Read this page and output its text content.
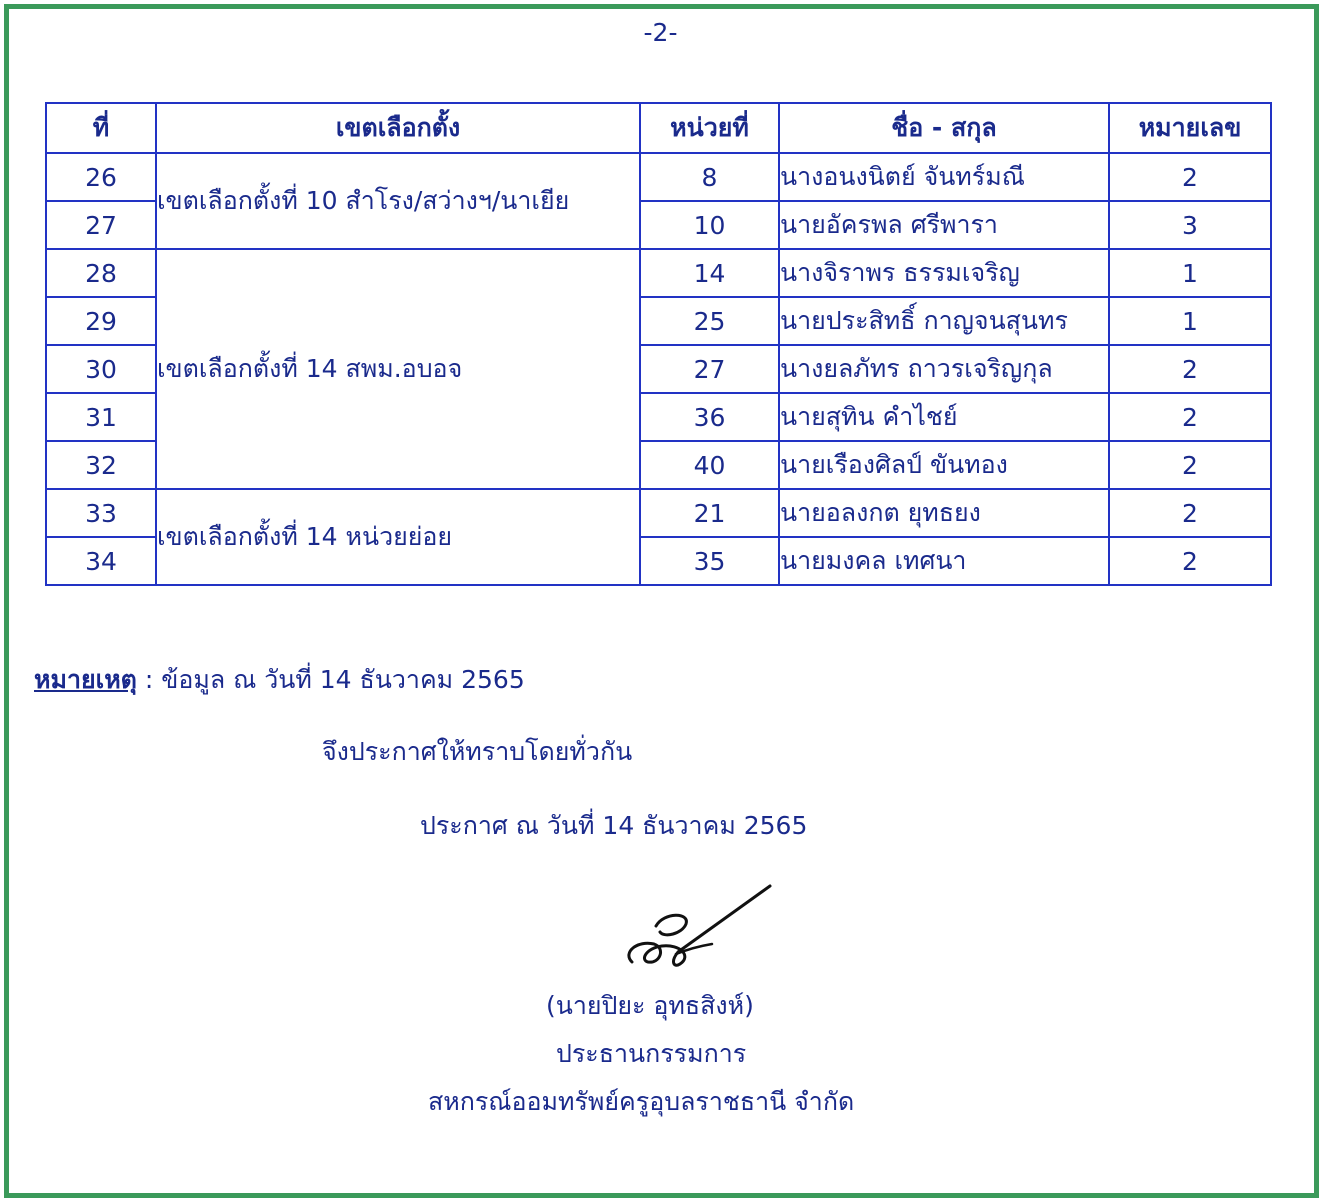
-2-
ที่	เขตเลือกตั้ง	หน่วยที่	ชื่อ - สกุล	หมายเลข
26	เขตเลือกตั้งที่ 10 สำโรง/สว่างฯ/นาเยีย	8	นางอนงนิตย์ จันทร์มณี	2
27		10	นายอัครพล ศรีพารา	3
28	เขตเลือกตั้งที่ 14 สพม.อบอจ	14	นางจิราพร ธรรมเจริญ	1
29		25	นายประสิทธิ์ กาญจนสุนทร	1
30		27	นางยลภัทร ถาวรเจริญกุล	2
31		36	นายสุทิน คำไชย์	2
32		40	นายเรืองศิลป์ ขันทอง	2
33	เขตเลือกตั้งที่ 14 หน่วยย่อย	21	นายอลงกต ยุทธยง	2
34		35	นายมงคล เทศนา	2
หมายเหตุ : ข้อมูล ณ วันที่ 14 ธันวาคม 2565
จึงประกาศให้ทราบโดยทั่วกัน
ประกาศ ณ วันที่ 14 ธันวาคม 2565
(นายปิยะ อุทธสิงห์)
ประธานกรรมการ
สหกรณ์ออมทรัพย์ครูอุบลราชธานี จำกัด
